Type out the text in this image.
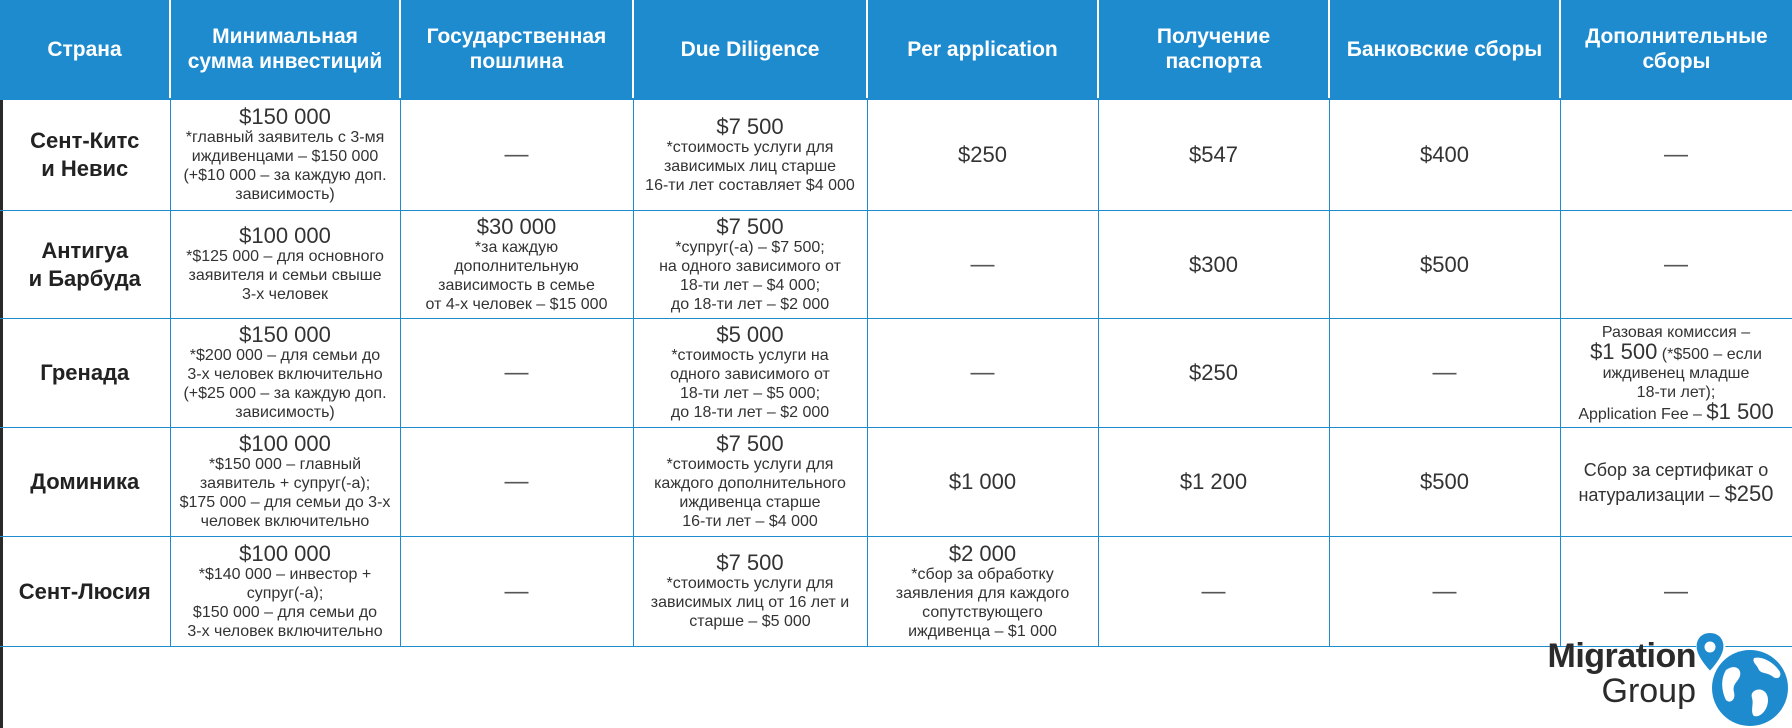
Страна	Минимальная
сумма инвестиций	Государственная
пошлина	Due Diligence	Per application	Получение
паспорта	Банковские сборы	Дополнительные
сборы
Сент-Китс
и Невис	$150 000
*главный заявитель с 3-мя
иждивенцами – $150 000
(+$10 000 – за каждую доп.
зависимость)	—	$7 500
*стоимость услуги для
зависимых лиц старше
16-ти лет составляет $4 000	$250	$547	$400	—

Антигуа
и Барбуда	$100 000
*$125 000 – для основного
заявителя и семьи свыше
3-х человек	$30 000
*за каждую
дополнительную
зависимость в семье
от 4-х человек – $15 000	$7 500
*супруг(-а) – $7 500;
на одного зависимого от
18-ти лет – $4 000;
до 18-ти лет – $2 000	—	$300	$500	—

Гренада	$150 000
*$200 000 – для семьи до
3-х человек включительно
(+$25 000 – за каждую доп.
зависимость)	—	$5 000
*стоимость услуги на
одного зависимого от
18-ти лет – $5 000;
до 18-ти лет – $2 000	—	$250	—	Разовая комиссия –
$1 500 (*$500 – если
иждивенец младше
18-ти лет);
Application Fee – $1 500

Доминика	$100 000
*$150 000 – главный
заявитель + супруг(-а);
$175 000 – для семьи до 3-х
человек включительно	—	$7 500
*стоимость услуги для
каждого дополнительного
иждивенца старше
16-ти лет – $4 000	$1 000	$1 200	$500	Сбор за сертификат о
натурализации – $250

Сент-Люсия	$100 000
*$140 000 – инвестор +
супруг(-а);
$150 000 – для семьи до
3-х человек включительно	—	$7 500
*стоимость услуги для
зависимых лиц от 16 лет и
старше – $5 000	$2 000
*сбор за обработку
заявления для каждого
сопутствующего
иждивенца – $1 000	—	—	—
Migration
Group
